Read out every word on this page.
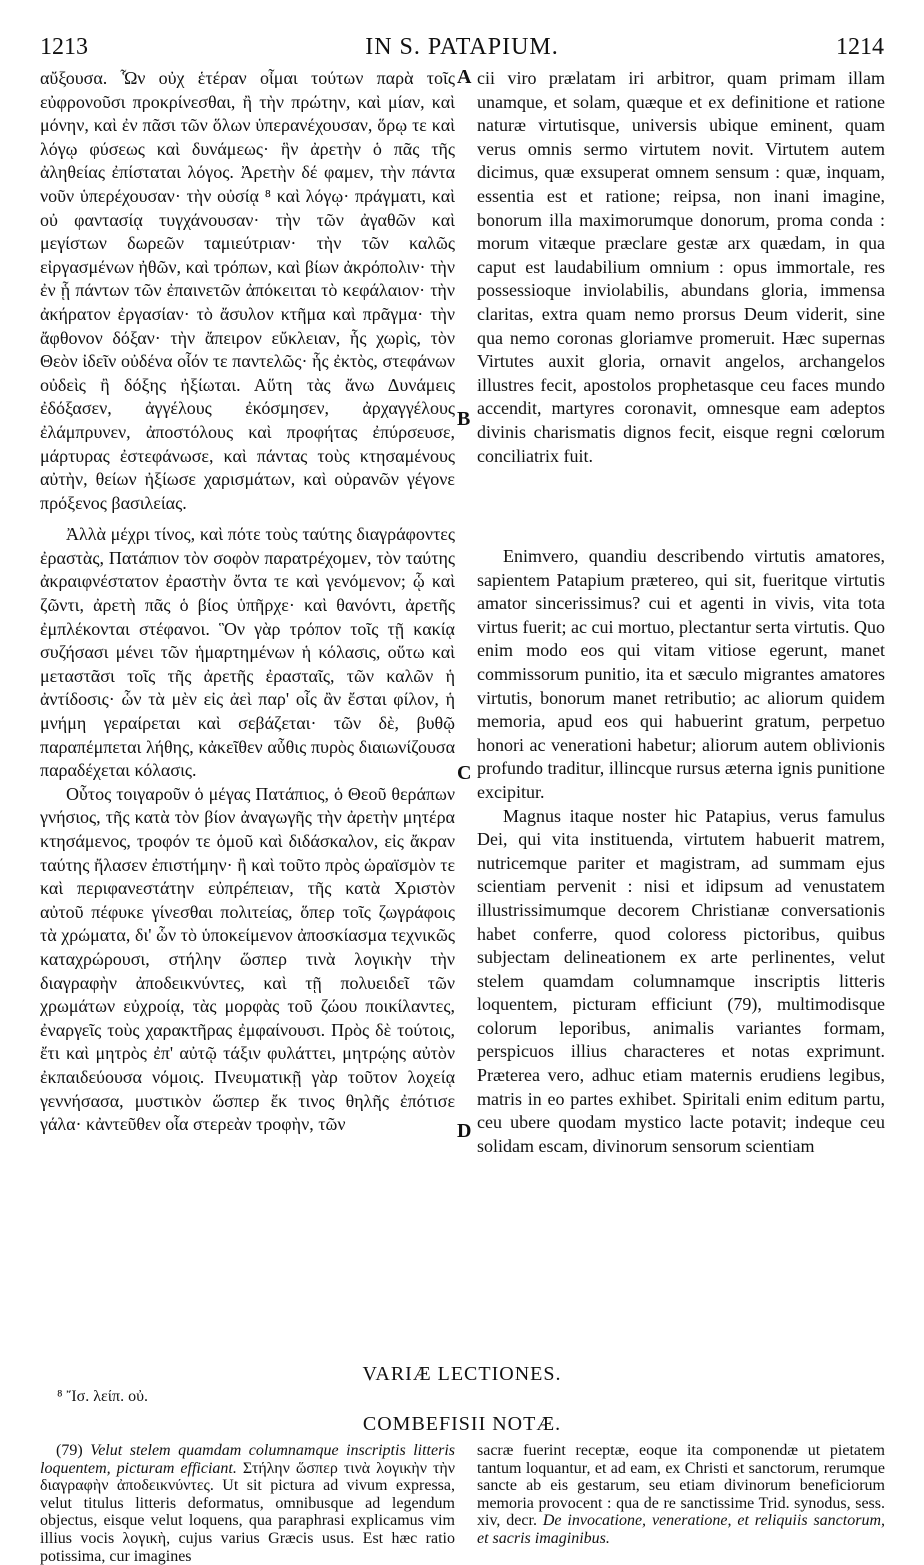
1213	IN S. PATAPIUM.	1214

αὔξουσα. Ὧν οὐχ ἑτέραν οἶμαι τούτων παρὰ τοῖς εὐφρονοῦσι προκρίνεσθαι, ἢ τὴν πρώτην, καὶ μίαν, καὶ μόνην, καὶ ἐν πᾶσι τῶν ὅλων ὑπερανέχουσαν, ὅρῳ τε καὶ λόγῳ φύσεως καὶ δυνάμεως· ἣν ἀρετὴν ὁ πᾶς τῆς ἀληθείας ἐπίσταται λόγος. Ἀρετὴν δέ φαμεν, τὴν πάντα νοῦν ὑπερέχουσαν· τὴν οὐσίᾳ ⁸ καὶ λόγῳ· πράγματι, καὶ οὐ φαντασίᾳ τυγχάνουσαν· τὴν τῶν ἀγαθῶν καὶ μεγίστων δωρεῶν ταμιεύτριαν· τὴν τῶν καλῶς εἰργασμένων ἠθῶν, καὶ τρόπων, καὶ βίων ἀκρόπολιν· τὴν ἐν ᾗ πάντων τῶν ἐπαινετῶν ἀπόκειται τὸ κεφάλαιον· τὴν ἀκήρατον ἐργασίαν· τὸ ἄσυλον κτῆμα καὶ πρᾶγμα· τὴν ἄφθονον δόξαν· τὴν ἄπειρον εὔκλειαν, ἧς χωρὶς, τὸν Θεὸν ἰδεῖν οὐδένα οἷόν τε παντελῶς· ἧς ἐκτὸς, στεφάνων οὐδεὶς ἢ δόξης ἠξίωται. Αὕτη τὰς ἄνω Δυνάμεις ἐδόξασεν, ἀγγέλους ἐκόσμησεν, ἀρχαγγέλους ἐλάμπρυνεν, ἀποστόλους καὶ προφήτας ἐπύρσευσε, μάρτυρας ἐστεφάνωσε, καὶ πάντας τοὺς κτησαμένους αὐτὴν, θείων ἠξίωσε χαρισμάτων, καὶ οὐρανῶν γέγονε πρόξενος βασιλείας.

Ἀλλὰ μέχρι τίνος, καὶ πότε τοὺς ταύτης διαγράφοντες ἐραστὰς, Πατάπιον τὸν σοφὸν παρατρέχομεν, τὸν ταύτης ἀκραιφνέστατον ἐραστὴν ὄντα τε καὶ γενόμενον; ᾧ καὶ ζῶντι, ἀρετὴ πᾶς ὁ βίος ὑπῆρχε· καὶ θανόντι, ἀρετῆς ἐμπλέκονται στέφανοι. Ὃν γὰρ τρόπον τοῖς τῇ κακίᾳ συζήσασι μένει τῶν ἡμαρτημένων ἡ κόλασις, οὕτω καὶ μεταστᾶσι τοῖς τῆς ἀρετῆς ἐρασταῖς, τῶν καλῶν ἡ ἀντίδοσις· ὧν τὰ μὲν εἰς ἀεὶ παρ' οἷς ἂν ἔσται φίλον, ἡ μνήμη γεραίρεται καὶ σεβάζεται· τῶν δὲ, βυθῷ παραπέμπεται λήθης, κἀκεῖθεν αὖθις πυρὸς διαιωνίζουσα παραδέχεται κόλασις.

Οὗτος τοιγαροῦν ὁ μέγας Πατάπιος, ὁ Θεοῦ θεράπων γνήσιος, τῆς κατὰ τὸν βίον ἀναγωγῆς τὴν ἀρετὴν μητέρα κτησάμενος, τροφόν τε ὁμοῦ καὶ διδάσκαλον, εἰς ἄκραν ταύτης ἤλασεν ἐπιστήμην· ἢ καὶ τοῦτο πρὸς ὡραϊσμὸν τε καὶ περιφανεστάτην εὐπρέπειαν, τῆς κατὰ Χριστὸν αὐτοῦ πέφυκε γίνεσθαι πολιτείας, ὅπερ τοῖς ζωγράφοις τὰ χρώματα, δι' ὧν τὸ ὑποκείμενον ἀποσκίασμα τεχνικῶς καταχρώρουσι, στήλην ὥσπερ τινὰ λογικὴν τὴν διαγραφὴν ἀποδεικνύντες, καὶ τῇ πολυειδεῖ τῶν χρωμάτων εὐχροίᾳ, τὰς μορφὰς τοῦ ζώου ποικίλαντες, ἐναργεῖς τοὺς χαρακτῆρας ἐμφαίνουσι. Πρὸς δὲ τούτοις, ἔτι καὶ μητρὸς ἐπ' αὐτῷ τάξιν φυλάττει, μητρῴης αὐτὸν ἐκπαιδεύουσα νόμοις. Πνευματικῇ γὰρ τοῦτον λοχείᾳ γεννήσασα, μυστικὸν ὥσπερ ἔκ τινος θηλῆς ἐπότισε γάλα· κἀντεῦθεν οἷα στερεὰν τροφὴν, τῶν

A
B
C
D

cii viro prælatam iri arbitror, quam primam illam unamque, et solam, quæque et ex definitione et ratione naturæ virtutisque, universis ubique eminent, quam verus omnis sermo virtutem novit. Virtutem autem dicimus, quæ exsuperat omnem sensum : quæ, inquam, essentia est et ratione; reipsa, non inani imagine, bonorum illa maximorumque donorum, proma conda : morum vitæque præclare gestæ arx quædam, in qua caput est laudabilium omnium : opus immortale, res possessioque inviolabilis, abundans gloria, immensa claritas, extra quam nemo prorsus Deum viderit, sine qua nemo coronas gloriamve promeruit. Hæc supernas Virtutes auxit gloria, ornavit angelos, archangelos illustres fecit, apostolos prophetasque ceu faces mundo accendit, martyres coronavit, omnesque eam adeptos divinis charismatis dignos fecit, eisque regni cœlorum conciliatrix fuit.

Enimvero, quandiu describendo virtutis amatores, sapientem Patapium prætereo, qui sit, fueritque virtutis amator sincerissimus? cui et agenti in vivis, vita tota virtus fuerit; ac cui mortuo, plectantur serta virtutis. Quo enim modo eos qui vitam vitiose egerunt, manet commissorum punitio, ita et sæculo migrantes amatores virtutis, bonorum manet retributio; ac aliorum quidem memoria, apud eos qui habuerint gratum, perpetuo honori ac venerationi habetur; aliorum autem oblivionis profundo traditur, illincque rursus æterna ignis punitione excipitur.

Magnus itaque noster hic Patapius, verus famulus Dei, qui vita instituenda, virtutem habuerit matrem, nutricemque pariter et magistram, ad summam ejus scientiam pervenit : nisi et idipsum ad venustatem illustrissimumque decorem Christianæ conversationis habet conferre, quod coloress pictoribus, quibus subjectam delineationem ex arte perlinentes, velut stelem quamdam columnamque inscriptis litteris loquentem, picturam efficiunt (79), multimodisque colorum leporibus, animalis variantes formam, perspicuos illius characteres et notas exprimunt. Præterea vero, adhuc etiam maternis erudiens legibus, matris in eo partes exhibet. Spiritali enim editum partu, ceu ubere quodam mystico lacte potavit; indeque ceu solidam escam, divinorum sensorum scientiam

VARIÆ LECTIONES.
⁸ Ἴσ. λείπ. οὐ.
COMBEFISII NOTÆ.

(79) Velut stelem quamdam columnamque inscriptis litteris loquentem, picturam efficiant. Στήλην ὥσπερ τινὰ λογικὴν τὴν διαγραφὴν ἀποδεικνύντες. Ut sit pictura ad vivum expressa, velut titulus litteris deformatus, omnibusque ad legendum objectus, eisque velut loquens, qua paraphrasi explicamus vim illius vocis λογικὴ, cujus varius Græcis usus. Est hæc ratio potissima, cur imagines

sacræ fuerint receptæ, eoque ita componendæ ut pietatem tantum loquantur, et ad eam, ex Christi et sanctorum, rerumque sancte ab eis gestarum, seu etiam divinorum beneficiorum memoria provocent : qua de re sanctissime Trid. synodus, sess. xiv, decr. De invocatione, veneratione, et reliquiis sanctorum, et sacris imaginibus.
